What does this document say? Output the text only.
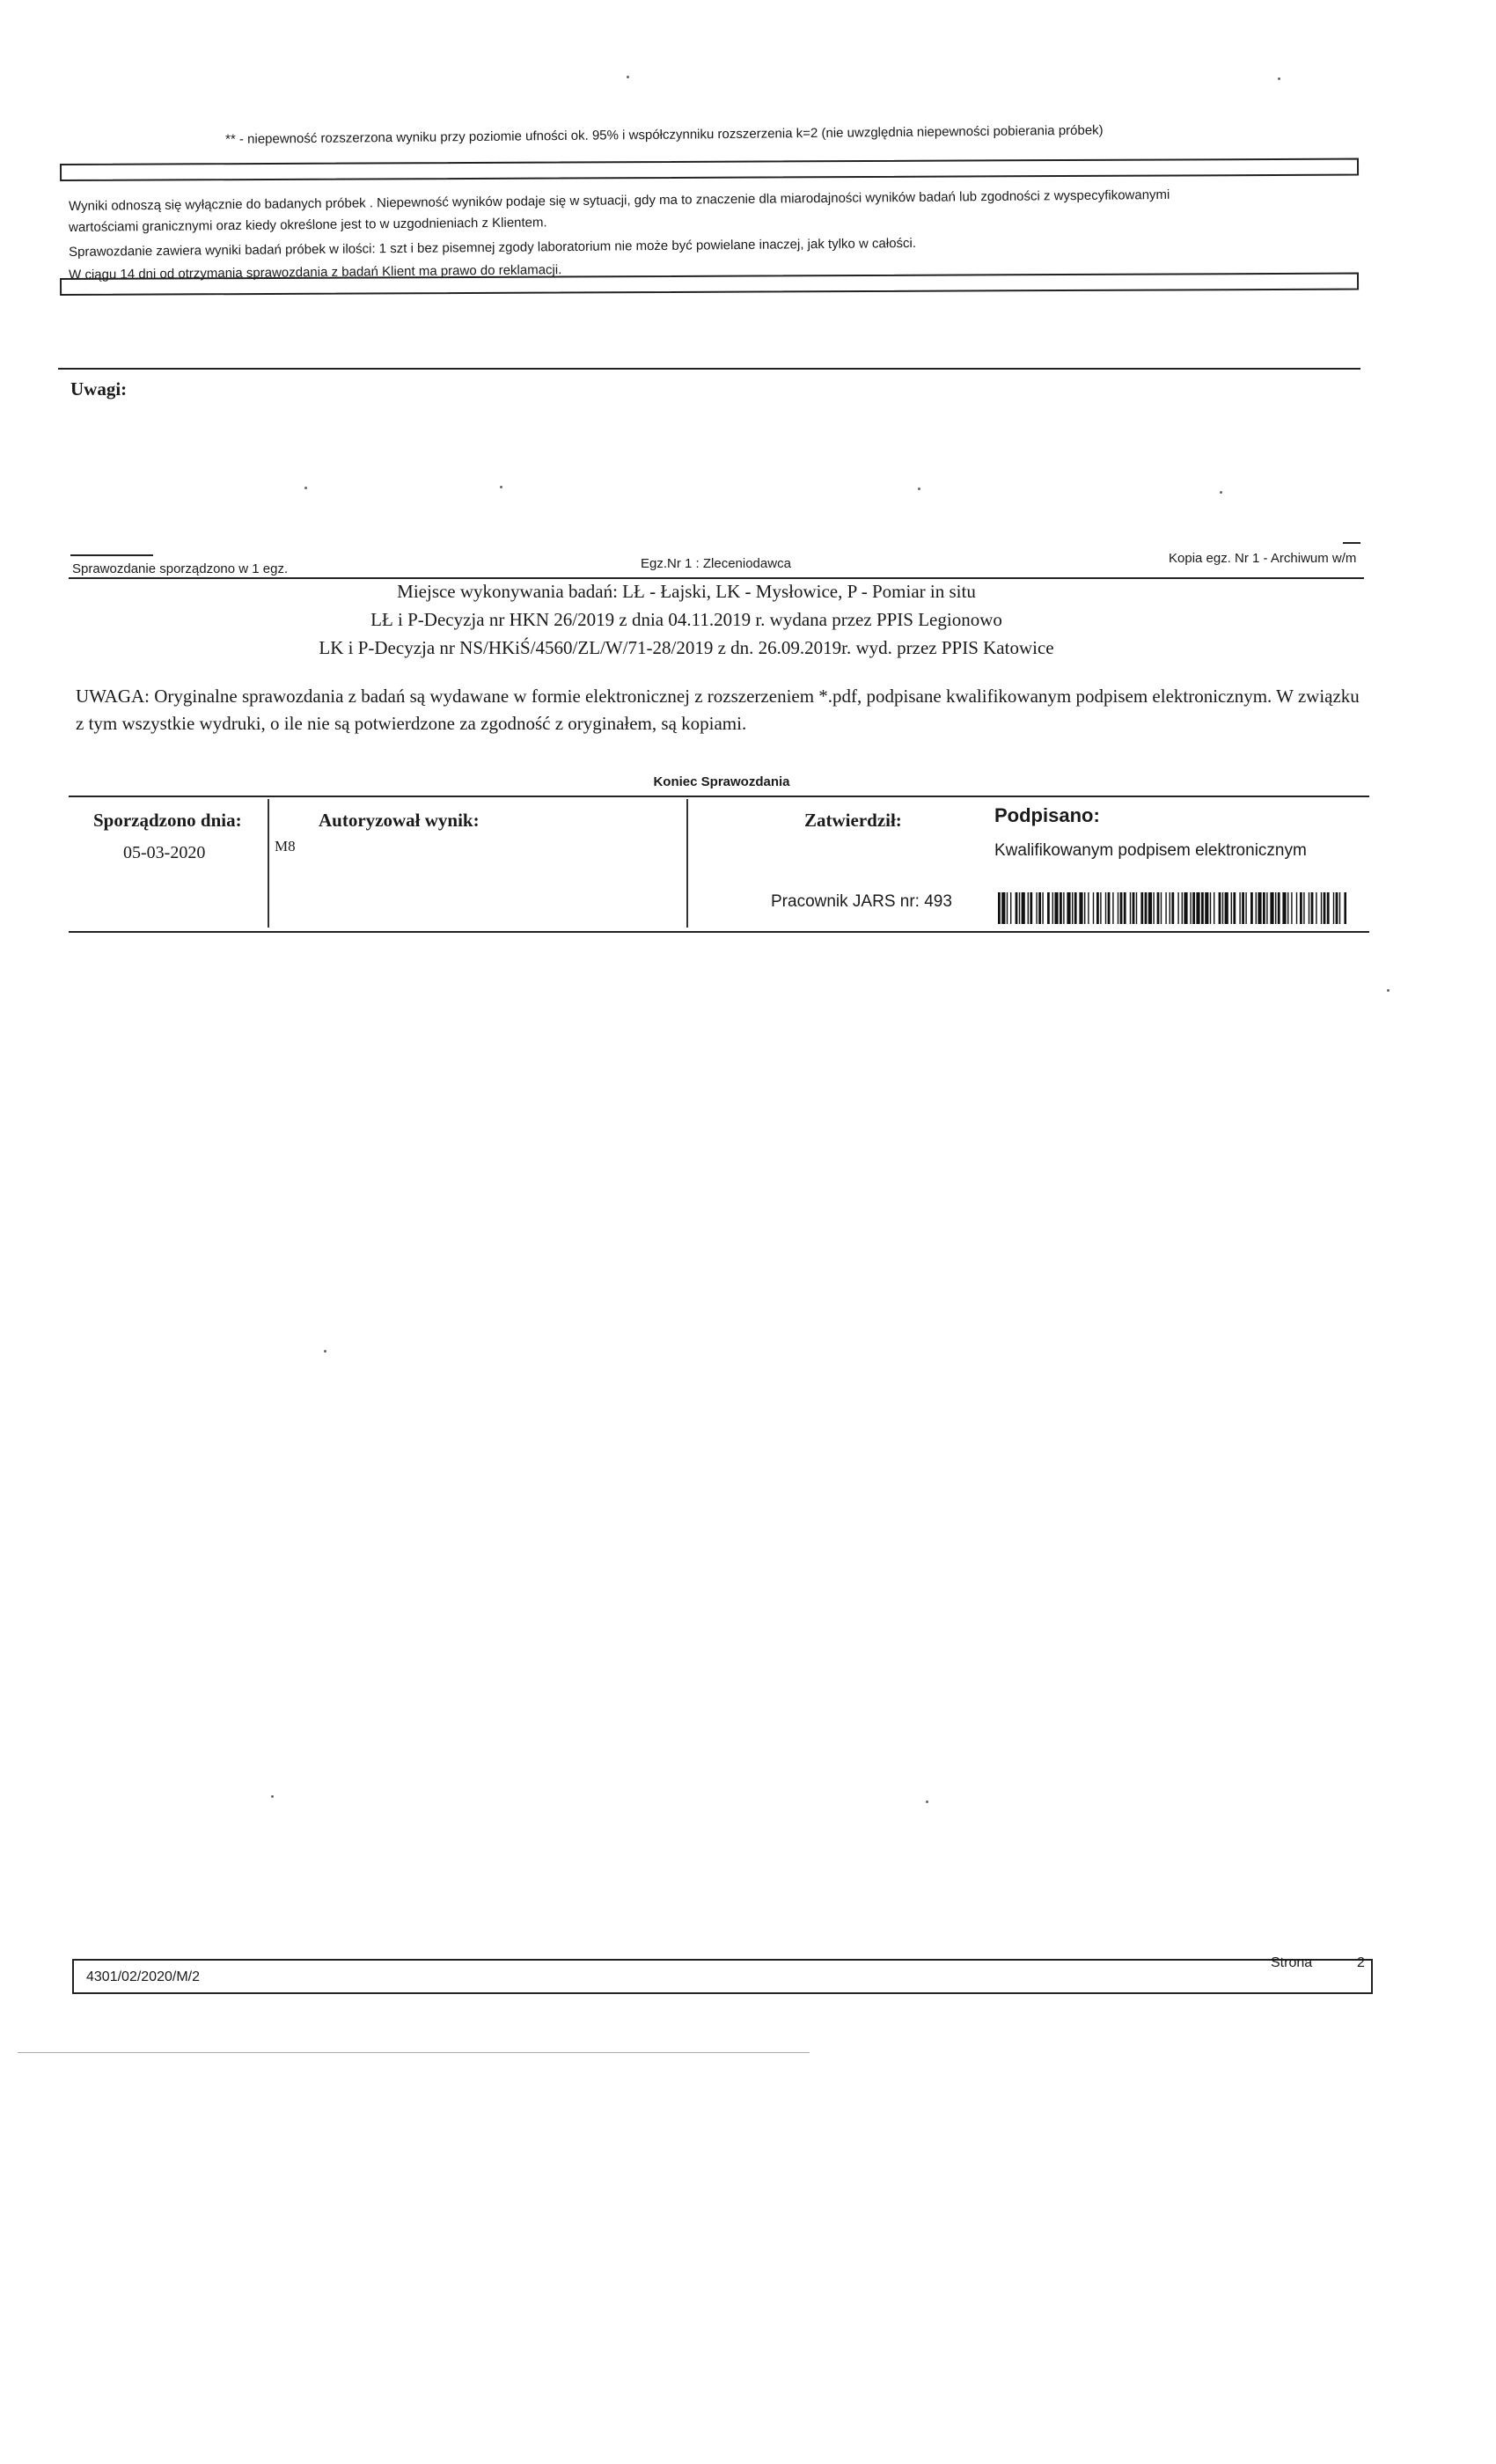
** - niepewność rozszerzona wyniku przy poziomie ufności ok. 95% i współczynniku rozszerzenia k=2 (nie uwzględnia niepewności pobierania próbek)
Wyniki odnoszą się wyłącznie do badanych próbek . Niepewność wyników podaje się w sytuacji, gdy ma to znaczenie dla miarodajności wyników badań lub zgodności z wyspecyfikowanymi
wartościami granicznymi oraz kiedy określone jest to w uzgodnieniach z Klientem.
Sprawozdanie zawiera wyniki badań próbek w ilości: 1 szt i bez pisemnej zgody laboratorium nie może być powielane inaczej, jak tylko w całości.
W ciągu 14 dni od otrzymania sprawozdania z badań Klient ma prawo do reklamacji.
Uwagi:
Sprawozdanie sporządzono w 1 egz.	Egz.Nr 1 : Zleceniodawca	Kopia egz. Nr 1 - Archiwum w/m
Miejsce wykonywania badań: LŁ - Łajski, LK - Mysłowice, P - Pomiar in situ
LŁ i P-Decyzja nr HKN 26/2019 z dnia 04.11.2019 r. wydana przez PPIS Legionowo
LK i P-Decyzja nr NS/HKiŚ/4560/ZL/W/71-28/2019 z dn. 26.09.2019r. wyd. przez PPIS Katowice
UWAGA: Oryginalne sprawozdania z badań są wydawane w formie elektronicznej z rozszerzeniem *.pdf, podpisane kwalifikowanym podpisem elektronicznym. W związku z tym wszystkie wydruki, o ile nie są potwierdzone za zgodność z oryginałem, są kopiami.
Koniec Sprawozdania
Sporządzono dnia:
05-03-2020
Autoryzował wynik:
M8
Zatwierdził:
Pracownik JARS nr: 493
Podpisano:
Kwalifikowanym podpisem elektronicznym
4301/02/2020/M/2
Strona	2
